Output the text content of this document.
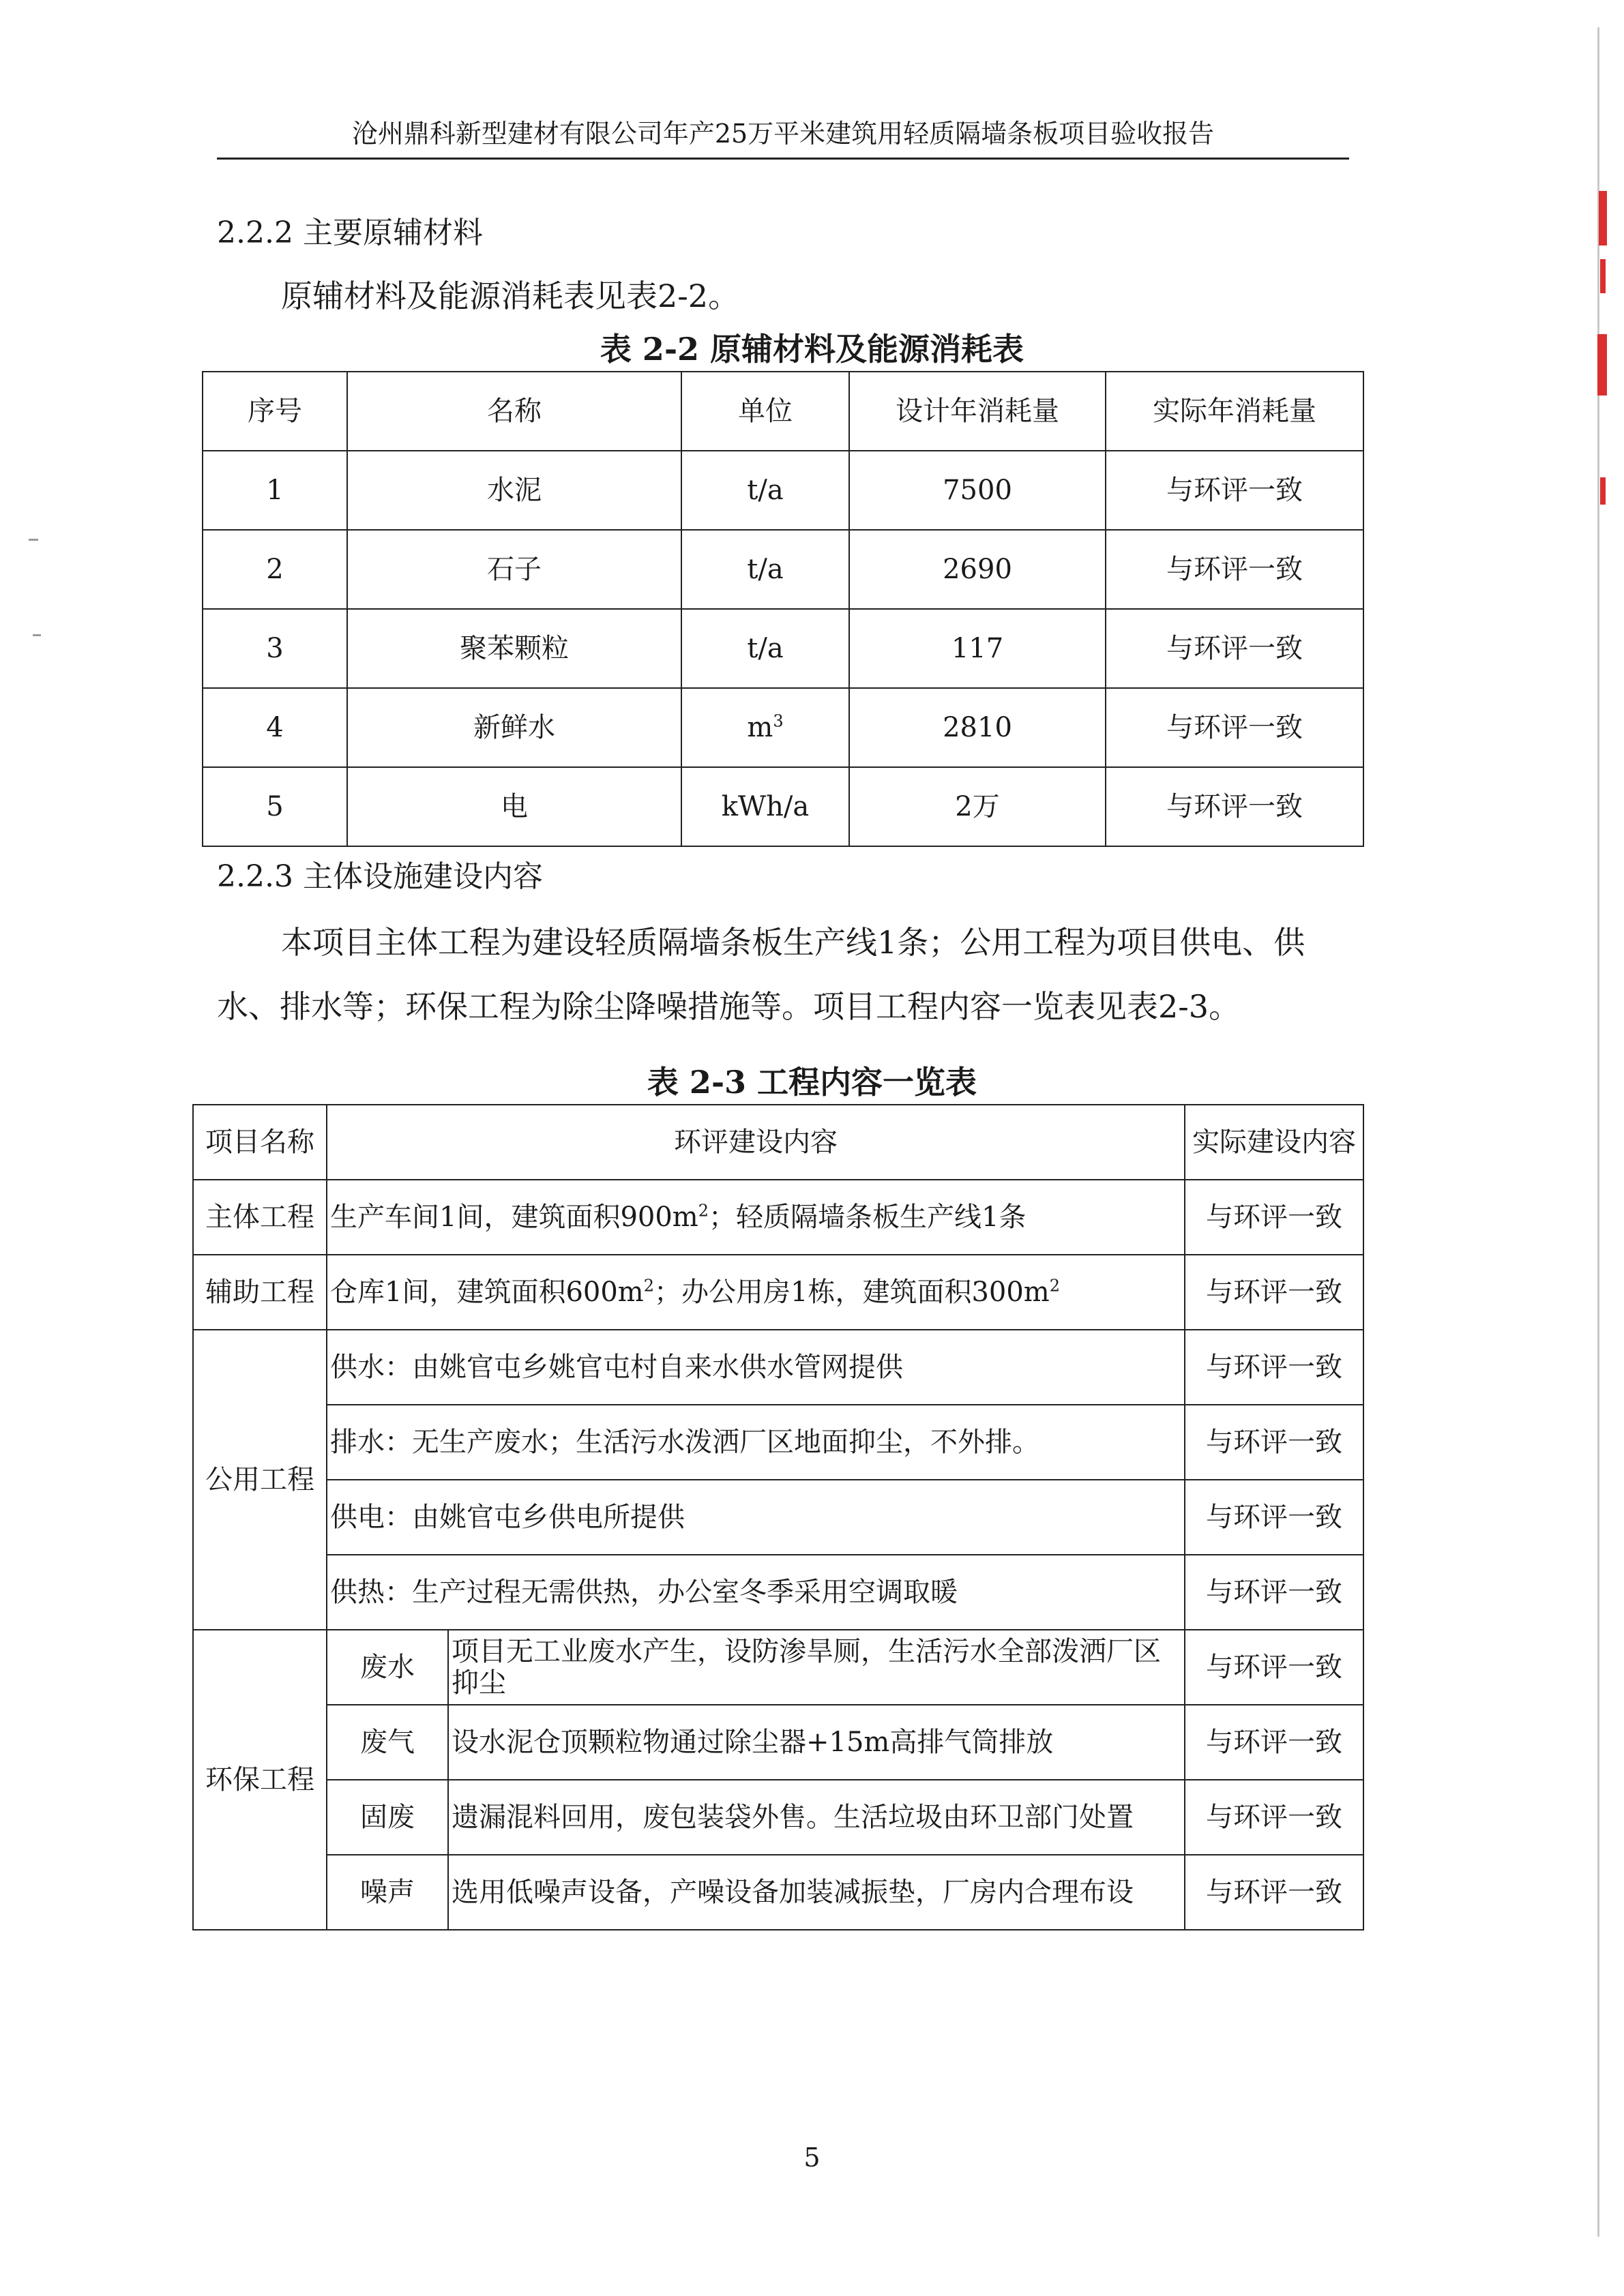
沧州鼎科新型建材有限公司年产25万平米建筑用轻质隔墙条板项目验收报告
2.2.2 主要原辅材料
原辅材料及能源消耗表见表2-2。
表 2-2 原辅材料及能源消耗表
序号	名称	单位	设计年消耗量	实际年消耗量
1	水泥	t/a	7500	与环评一致
2	石子	t/a	2690	与环评一致
3	聚苯颗粒	t/a	117	与环评一致
4	新鲜水	$m^3$	2810	与环评一致
5	电	kWh/a	2万	与环评一致
2.2.3 主体设施建设内容
本项目主体工程为建设轻质隔墙条板生产线1条；公用工程为项目供电、供
水、排水等；环保工程为除尘降噪措施等。项目工程内容一览表见表2-3。
表 2-3 工程内容一览表
项目名称	环评建设内容		实际建设内容
主体工程	生产车间1间，建筑面积$900m^2$；轻质隔墙条板生产线1条		与环评一致
辅助工程	仓库1间，建筑面积$600m^2$；办公用房1栋，建筑面积$300m^2$		与环评一致
公用工程	供水：由姚官屯乡姚官屯村自来水供水管网提供		与环评一致
	排水：无生产废水；生活污水泼洒厂区地面抑尘，不外排。		与环评一致
	供电：由姚官屯乡供电所提供		与环评一致
	供热：生产过程无需供热，办公室冬季采用空调取暖		与环评一致
环保工程	废水	项目无工业废水产生，设防渗旱厕，生活污水全部泼洒厂区抑尘	与环评一致
	废气	设水泥仓顶颗粒物通过除尘器+15m高排气筒排放	与环评一致
	固废	遗漏混料回用，废包装袋外售。生活垃圾由环卫部门处置	与环评一致
	噪声	选用低噪声设备，产噪设备加装减振垫，厂房内合理布设	与环评一致
5
